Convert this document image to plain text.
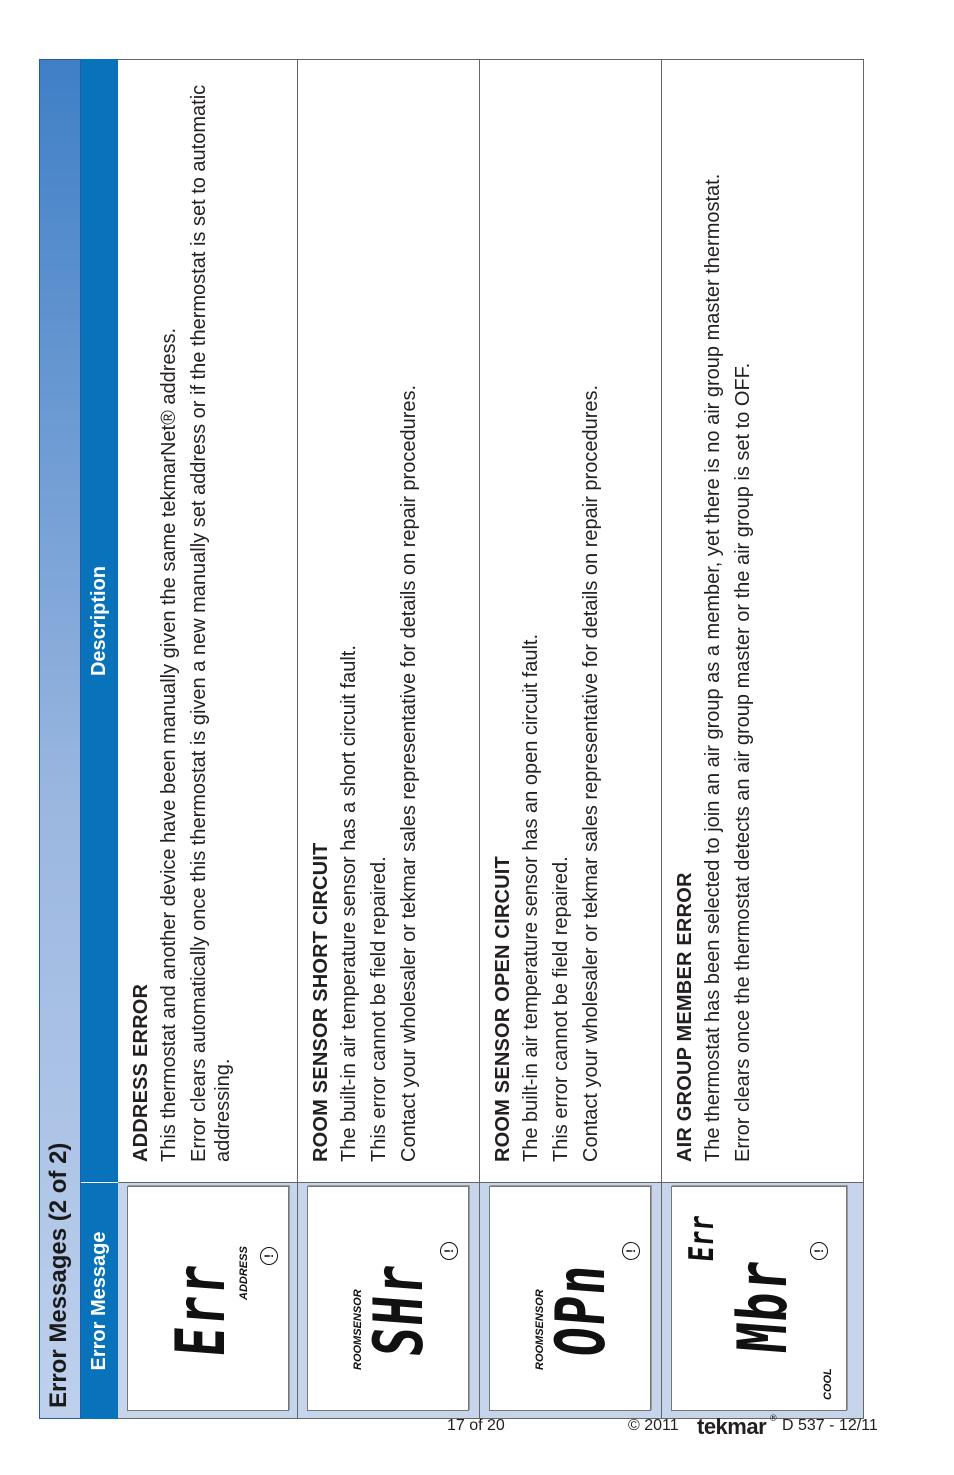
Error Messages (2 of 2) Error Message
Description
Err
ADDRESS !
ADDRESS ERROR This thermostat and another device have been manually given the same tekmarNet® address. Error clears automatically once this thermostat is given a new manually set address or if the thermostat is set to automatic addressing.

ROOMSENSOR
SHr
!
ROOM SENSOR SHORT CIRCUIT The built-in air temperature sensor has a short circuit fault. This error cannot be field repaired. Contact your wholesaler or tekmar sales representative for details on repair procedures.

ROOMSENSOR
OPn
!
ROOM SENSOR OPEN CIRCUIT The built-in air temperature sensor has an open circuit fault. This error cannot be field repaired. Contact your wholesaler or tekmar sales representative for details on repair procedures.

Mbr
Err
COOL
!
AIR GROUP MEMBER ERROR The thermostat has been selected to join an air group as a member, yet there is no air group master thermostat. Error clears once the thermostat detects an air group master or the air group is set to OFF.

17 of 20	© 2011 tekmar ® D 537 - 12/11
